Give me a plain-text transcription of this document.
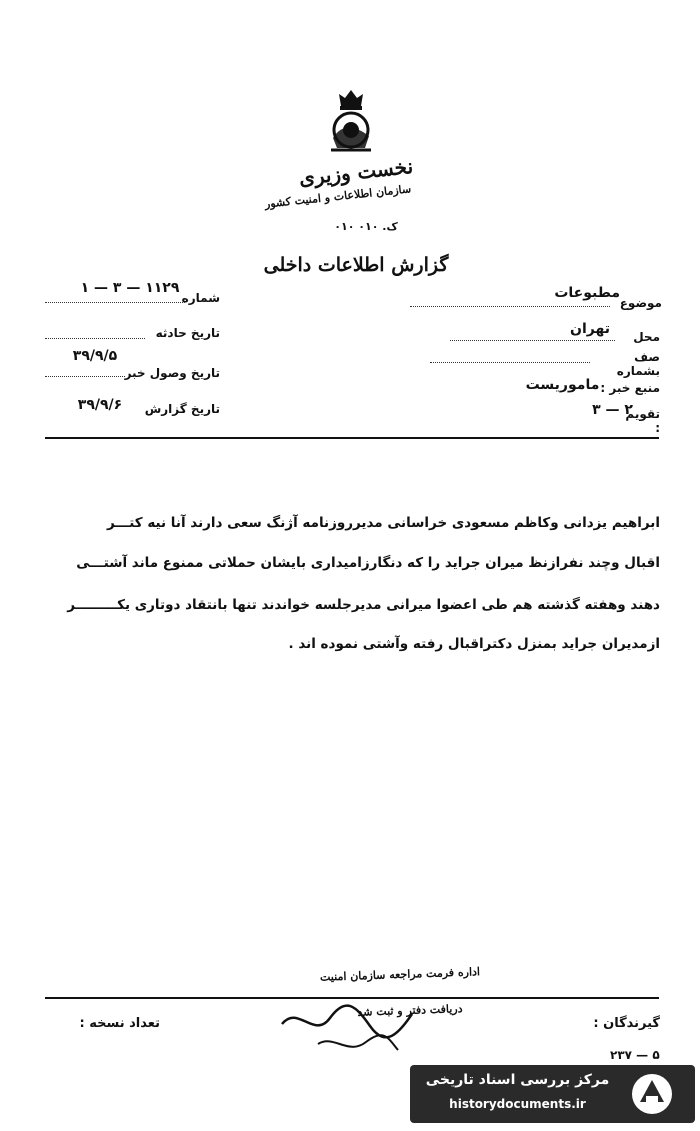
نخست وزیری
سازمان اطلاعات و امنیت کشور
ک. ۰۱۰ ۰۱۰
گزارش اطلاعات داخلی
۱ — ۳ — ۱۱۲۹
شماره
تاریخ حادثه
۳۹/۹/۵
تاریخ وصول خبر
۳۹/۹/۶	تاریخ گزارش
مطبوعات
موضوع
تهران	محل
صف بشماره
ماموریست منبع خبر :
۳ — ۲
تقویم :
ابراهیم یزدانی وکاظم مسعودی خراسانی مدیرروزنامه آژنگ سعی دارند آنا نیه کتـــر
اقبال وچند نفرازنظ میران جراید را که دنگارزامیداری بایشان حملاتی ممنوع ماند آشتـــی
دهند وهفته گذشته هم طی اعضوا میرانی مدیرجلسه خواندند تنها بانتقاد دوتاری یکـــــــــر
ازمدیران جراید بمنزل دکتراقبال رفته وآشتی نموده اند .
اداره فرمت مراجعه سازمان امنیت
دریافت دفتر و ثبت شد
گیرندگان :
تعداد نسخه :
۲۳۷ — ۵
مرکز بررسی اسناد تاریخی
historydocuments.ir
